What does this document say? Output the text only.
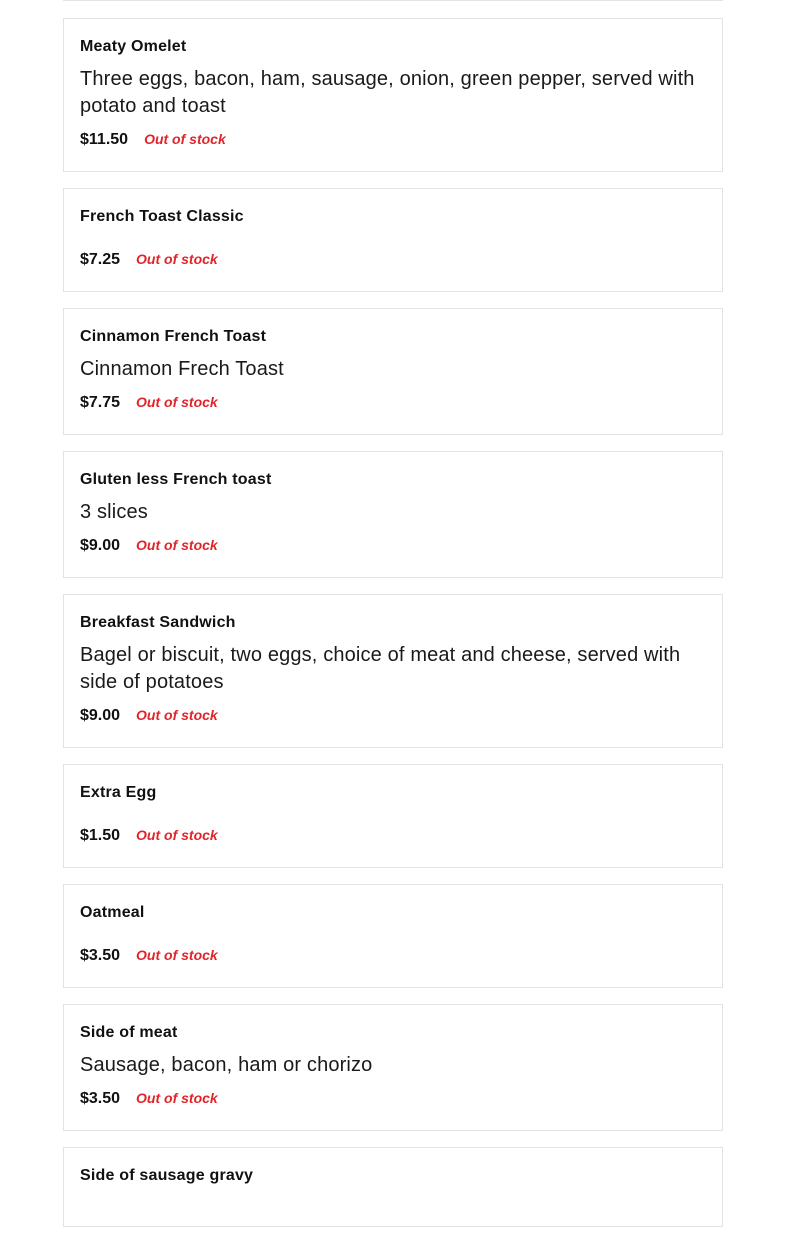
Meaty Omelet
Three eggs, bacon, ham, sausage, onion, green pepper, served with potato and toast
$11.50 Out of stock
French Toast Classic
$7.25 Out of stock
Cinnamon French Toast
Cinnamon Frech Toast
$7.75 Out of stock
Gluten less French toast
3 slices
$9.00 Out of stock
Breakfast Sandwich
Bagel or biscuit, two eggs, choice of meat and cheese, served with side of potatoes
$9.00 Out of stock
Extra Egg
$1.50 Out of stock
Oatmeal
$3.50 Out of stock
Side of meat
Sausage, bacon, ham or chorizo
$3.50 Out of stock
Side of sausage gravy
